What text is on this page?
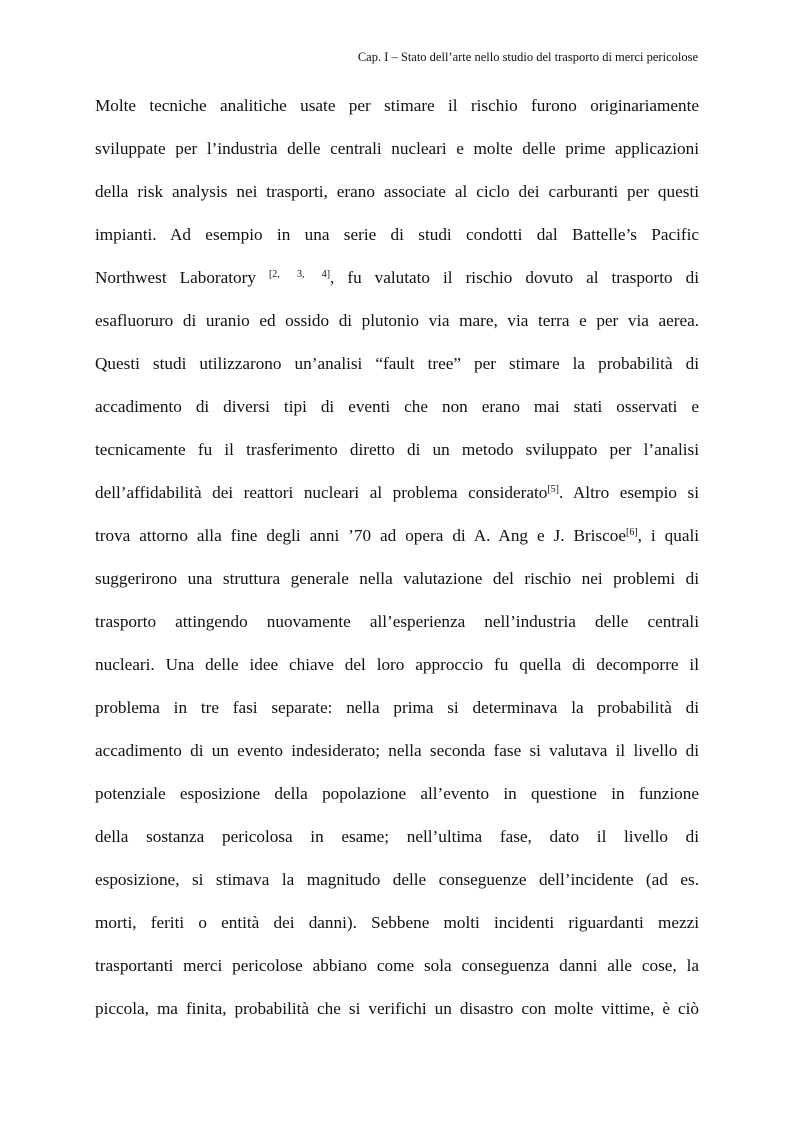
Cap. I – Stato dell’arte nello studio del trasporto di merci pericolose
Molte tecniche analitiche usate per stimare il rischio furono originariamente
sviluppate per l’industria delle centrali nucleari e molte delle prime applicazioni
della risk analysis nei trasporti, erano associate al ciclo dei carburanti per questi
impianti. Ad esempio in una serie di studi condotti dal Battelle’s Pacific
Northwest Laboratory [2, 3, 4], fu valutato il rischio dovuto al trasporto di
esafluoruro di uranio ed ossido di plutonio via mare, via terra e per via aerea.
Questi studi utilizzarono un’analisi “fault tree” per stimare la probabilità di
accadimento di diversi tipi di eventi che non erano mai stati osservati e
tecnicamente fu il trasferimento diretto di un metodo sviluppato per l’analisi
dell’affidabilità dei reattori nucleari al problema considerato[5]. Altro esempio si
trova attorno alla fine degli anni ’70 ad opera di A. Ang e J. Briscoe[6], i quali
suggerirono una struttura generale nella valutazione del rischio nei problemi di
trasporto attingendo nuovamente all’esperienza nell’industria delle centrali
nucleari. Una delle idee chiave del loro approccio fu quella di decomporre il
problema in tre fasi separate: nella prima si determinava la probabilità di
accadimento di un evento indesiderato; nella seconda fase si valutava il livello di
potenziale esposizione della popolazione all’evento in questione in funzione
della sostanza pericolosa in esame; nell’ultima fase, dato il livello di
esposizione, si stimava la magnitudo delle conseguenze dell’incidente (ad es.
morti, feriti o entità dei danni). Sebbene molti incidenti riguardanti mezzi
trasportanti merci pericolose abbiano come sola conseguenza danni alle cose, la
piccola, ma finita, probabilità che si verifichi un disastro con molte vittime, è ciò
